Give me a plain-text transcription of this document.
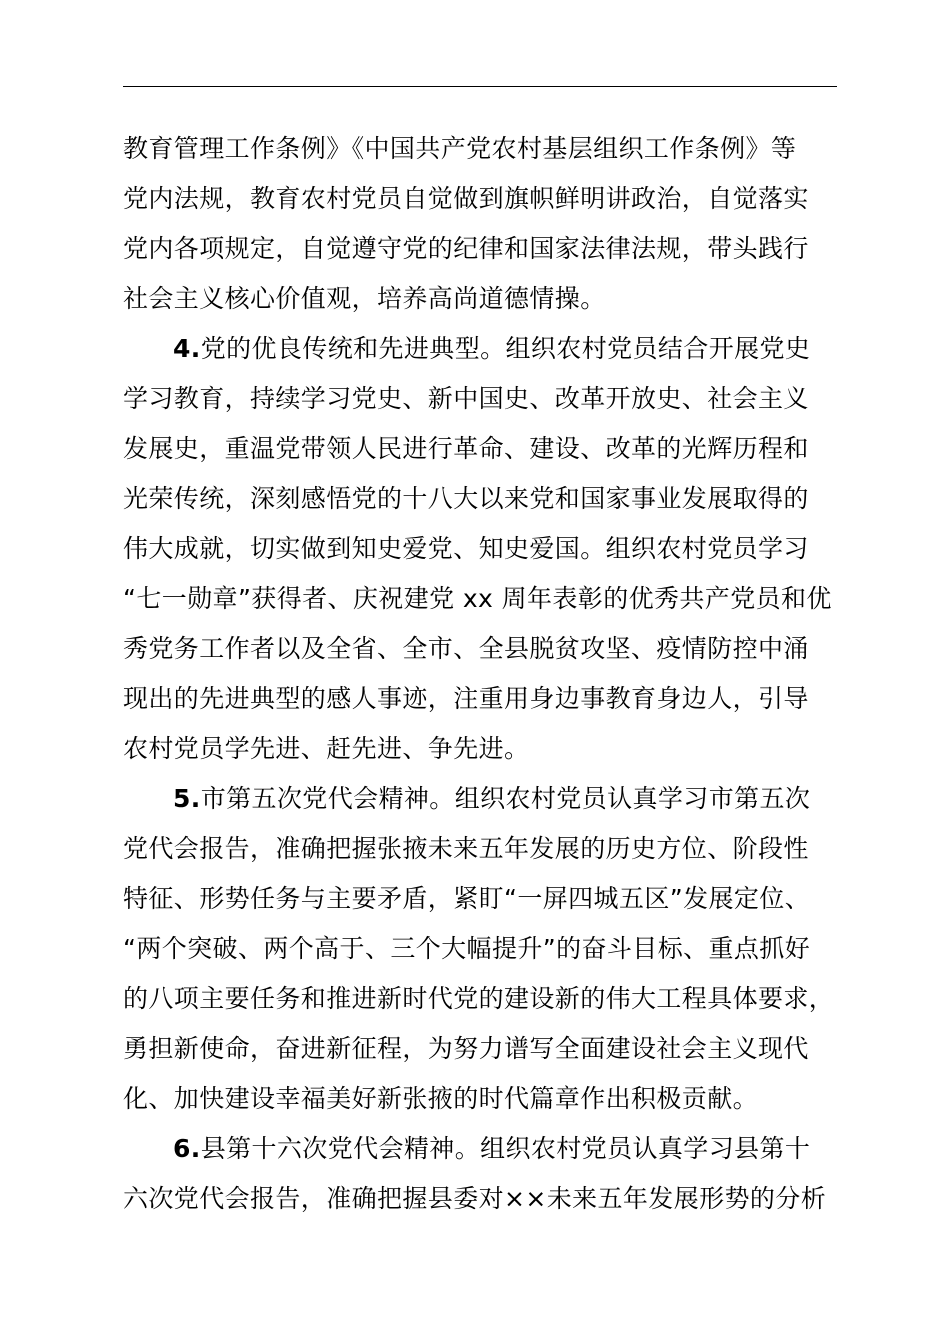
教育管理工作条例》《中国共产党农村基层组织工作条例》等
党内法规，教育农村党员自觉做到旗帜鲜明讲政治，自觉落实
党内各项规定，自觉遵守党的纪律和国家法律法规，带头践行
社会主义核心价值观，培养高尚道德情操。
4.党的优良传统和先进典型。组织农村党员结合开展党史
学习教育，持续学习党史、新中国史、改革开放史、社会主义
发展史，重温党带领人民进行革命、建设、改革的光辉历程和
光荣传统，深刻感悟党的十八大以来党和国家事业发展取得的
伟大成就，切实做到知史爱党、知史爱国。组织农村党员学习
“七一勋章”获得者、庆祝建党 xx 周年表彰的优秀共产党员和优
秀党务工作者以及全省、全市、全县脱贫攻坚、疫情防控中涌
现出的先进典型的感人事迹，注重用身边事教育身边人，引导
农村党员学先进、赶先进、争先进。
5.市第五次党代会精神。组织农村党员认真学习市第五次
党代会报告，准确把握张掖未来五年发展的历史方位、阶段性
特征、形势任务与主要矛盾，紧盯“一屏四城五区”发展定位、
“两个突破、两个高于、三个大幅提升”的奋斗目标、重点抓好
的八项主要任务和推进新时代党的建设新的伟大工程具体要求，
勇担新使命，奋进新征程，为努力谱写全面建设社会主义现代
化、加快建设幸福美好新张掖的时代篇章作出积极贡献。
6.县第十六次党代会精神。组织农村党员认真学习县第十
六次党代会报告，准确把握县委对××未来五年发展形势的分析
